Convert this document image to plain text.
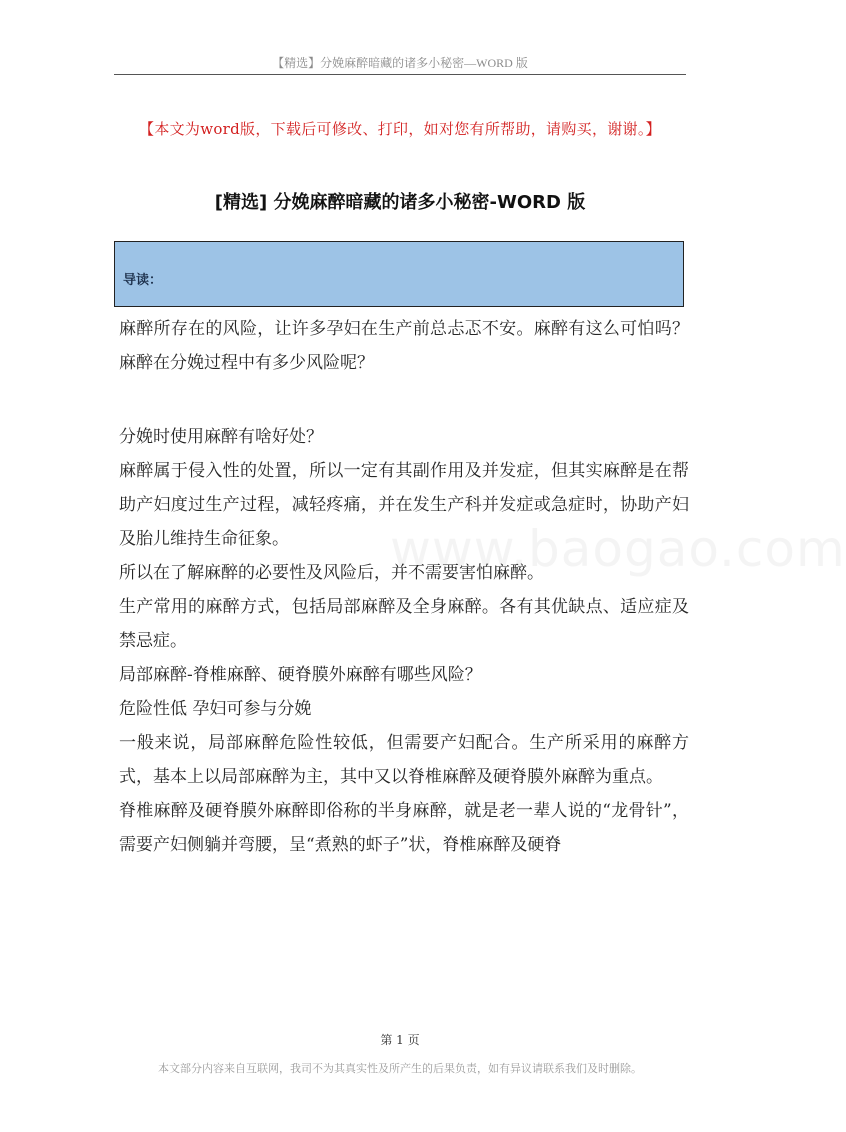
【精选】分娩麻醉暗藏的诸多小秘密—WORD 版
【本文为word版，下载后可修改、打印，如对您有所帮助，请购买，谢谢。】
[精选] 分娩麻醉暗藏的诸多小秘密-WORD 版
导读：
www.baogao.com

麻醉所存在的风险，让许多孕妇在生产前总忐忑不安。麻醉有这么可怕吗？麻醉在分娩过程中有多少风险呢？

分娩时使用麻醉有啥好处？

麻醉属于侵入性的处置，所以一定有其副作用及并发症，但其实麻醉是在帮助产妇度过生产过程，减轻疼痛，并在发生产科并发症或急症时，协助产妇及胎儿维持生命征象。

所以在了解麻醉的必要性及风险后，并不需要害怕麻醉。

生产常用的麻醉方式，包括局部麻醉及全身麻醉。各有其优缺点、适应症及禁忌症。

局部麻醉-脊椎麻醉、硬脊膜外麻醉有哪些风险？

危险性低 孕妇可参与分娩

一般来说，局部麻醉危险性较低，但需要产妇配合。生产所采用的麻醉方式，基本上以局部麻醉为主，其中又以脊椎麻醉及硬脊膜外麻醉为重点。

脊椎麻醉及硬脊膜外麻醉即俗称的半身麻醉，就是老一辈人说的“龙骨针”，需要产妇侧躺并弯腰，呈“煮熟的虾子”状，脊椎麻醉及硬脊

第 1 页
本文部分内容来自互联网，我司不为其真实性及所产生的后果负责，如有异议请联系我们及时删除。
